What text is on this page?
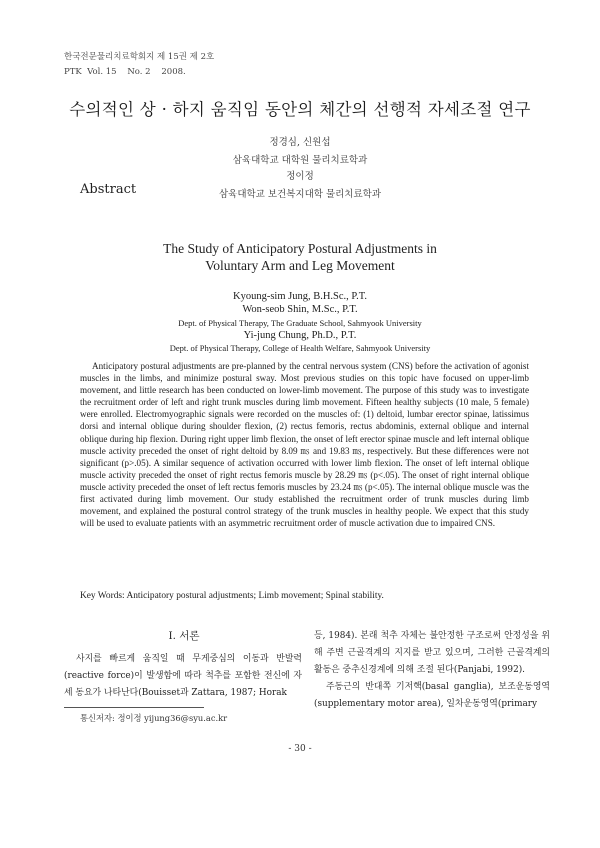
한국전문물리치료학회지 제 15권 제 2호
PTK  Vol. 15    No. 2    2008.
수의적인 상 · 하지 움직임 동안의 체간의 선행적 자세조절 연구
정경심, 신원섭
삼육대학교 대학원 물리치료학과
정이정
삼육대학교 보건복지대학 물리치료학과
Abstract
The Study of Anticipatory Postural Adjustments in
Voluntary Arm and Leg Movement
Kyoung-sim Jung, B.H.Sc., P.T.
Won-seob Shin, M.Sc., P.T.
Dept. of Physical Therapy, The Graduate School, Sahmyook University
Yi-jung Chung, Ph.D., P.T.
Dept. of Physical Therapy, College of Health Welfare, Sahmyook University

Anticipatory postural adjustments are pre-planned by the central nervous system (CNS) before the activation of agonist muscles in the limbs, and minimize postural sway. Most previous studies on this topic have focused on upper-limb movement, and little research has been conducted on lower-limb movement. The purpose of this study was to investigate the recruitment order of left and right trunk muscles during limb movement. Fifteen healthy subjects (10 male, 5 female) were enrolled. Electromyographic signals were recorded on the muscles of: (1) deltoid, lumbar erector spinae, latissimus dorsi and internal oblique during shoulder flexion, (2) rectus femoris, rectus abdominis, external oblique and internal oblique during hip flexion. During right upper limb flexion, the onset of left erector spinae muscle and left internal oblique muscle activity preceded the onset of right deltoid by 8.09 ㎳ and 19.83 ㎳, respectively. But these differences were not significant (p>.05). A similar sequence of activation occurred with lower limb flexion. The onset of left internal oblique muscle activity preceded the onset of right rectus femoris muscle by 28.29 ㎳ (p<.05). The onset of right internal oblique muscle activity preceded the onset of left rectus femoris muscles by 23.24 ㎳ (p<.05). The internal oblique muscle was the first activated during limb movement. Our study established the recruitment order of trunk muscles during limb movement, and explained the postural control strategy of the trunk muscles in healthy people. We expect that this study will be used to evaluate patients with an asymmetric recruitment order of muscle activation due to impaired CNS.

Key Words: Anticipatory postural adjustments; Limb movement; Spinal stability.
Ⅰ. 서론

사지를 빠르게 움직일 때 무게중심의 이동과 반발력(reactive force)이 발생함에 따라 척추를 포함한 전신에 자세 동요가 나타난다(Bouisset과 Zattara, 1987; Horak

등, 1984). 본래 척추 자체는 불안정한 구조로써 안정성을 위해 주변 근골격계의 지지를 받고 있으며, 그러한 근골격계의 활동은 중추신경계에 의해 조절 된다(Panjabi, 1992).
주동근의 반대쪽 기저핵(basal ganglia), 보조운동영역(supplementary motor area), 일차운동영역(primary
통신저자: 정이정 yijung36@syu.ac.kr
- 30 -
